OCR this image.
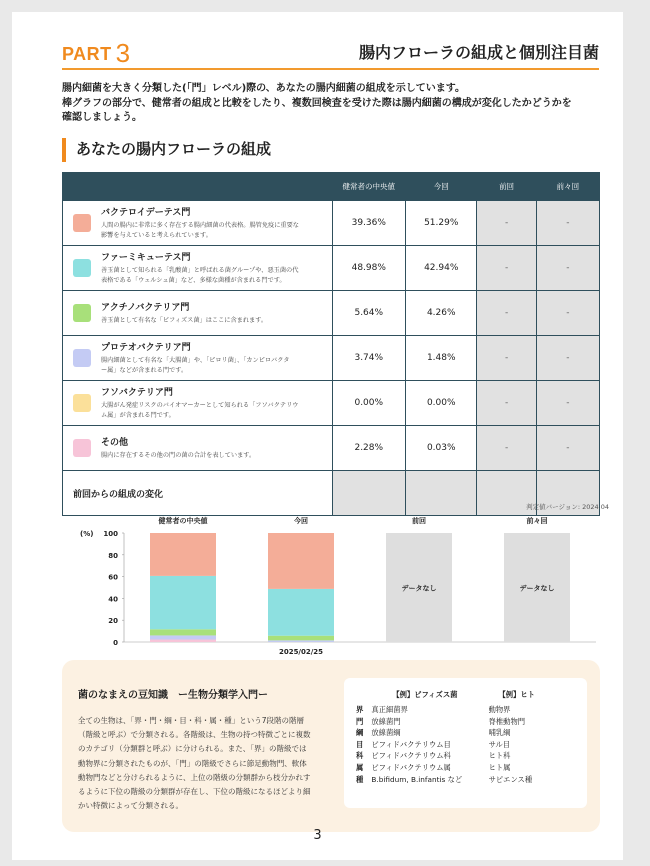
PART 3	腸内フローラの組成と個別注目菌
腸内細菌を大きく分類した(「門」レベル)際の、あなたの腸内細菌の組成を示しています。
棒グラフの部分で、健常者の組成と比較をしたり、複数回検査を受けた際は腸内細菌の構成が変化したかどうかを
確認しましょう。
あなたの腸内フローラの組成
	健常者の中央値	今回	前回	前々回

バクテロイデーテス門
人間の腸内に非常に多く存在する腸内細菌の代表格。腸管免疫に重要な
影響を与えていると考えられています。	39.36%	51.29%	-	-

ファーミキューテス門
善玉菌として知られる「乳酸菌」と呼ばれる菌グループや、悪玉菌の代
表格である「ウェルシュ菌」など、多様な菌種が含まれる門です。	48.98%	42.94%	-	-

アクチノバクテリア門
善玉菌として有名な「ビフィズス菌」はここに含まれます。	5.64%	4.26%	-	-

プロテオバクテリア門
腸内細菌として有名な「大腸菌」や、「ピロリ菌」、「カンピロバクタ
ー属」などが含まれる門です。	3.74%	1.48%	-	-

フソバクテリア門
大腸がん発症リスクのバイオマーカーとして知られる「フソバクテリウ
ム属」が含まれる門です。	0.00%	0.00%	-	-

その他
腸内に存在するその他の門の菌の合計を表しています。	2.28%	0.03%	-	-
前回からの組成の変化				
判定値バージョン: 2024.04
(%)
0
20
40
60
80
100
健常者の中央値	今回	前回
データなし
前々回
データなし
2025/02/25
菌のなまえの豆知識　ー生物分類学入門ー
全ての生物は、「界・門・綱・目・科・属・種」という7段階の階層
（階級と呼ぶ）で分類される。各階級は、生物の持つ特徴ごとに複数
のカテゴリ（分類群と呼ぶ）に分けられる。また、「界」の階級では
動物界に分類されたものが、「門」の階級でさらに節足動物門、軟体
動物門などと分けられるように、上位の階級の分類群から枝分かれす
るように下位の階級の分類群が存在し、下位の階級になるほどより細
かい特徴によって分類される。
【例】ビフィズス菌	【例】ヒト
界	真正細菌界	動物界
門	放線菌門	脊椎動物門
綱	放線菌綱	哺乳綱
目	ビフィドバクテリウム目	サル目
科	ビフィドバクテリウム科	ヒト科
属	ビフィドバクテリウム属	ヒト属
種	B.bifidum, B.infantis など	サピエンス種
3
